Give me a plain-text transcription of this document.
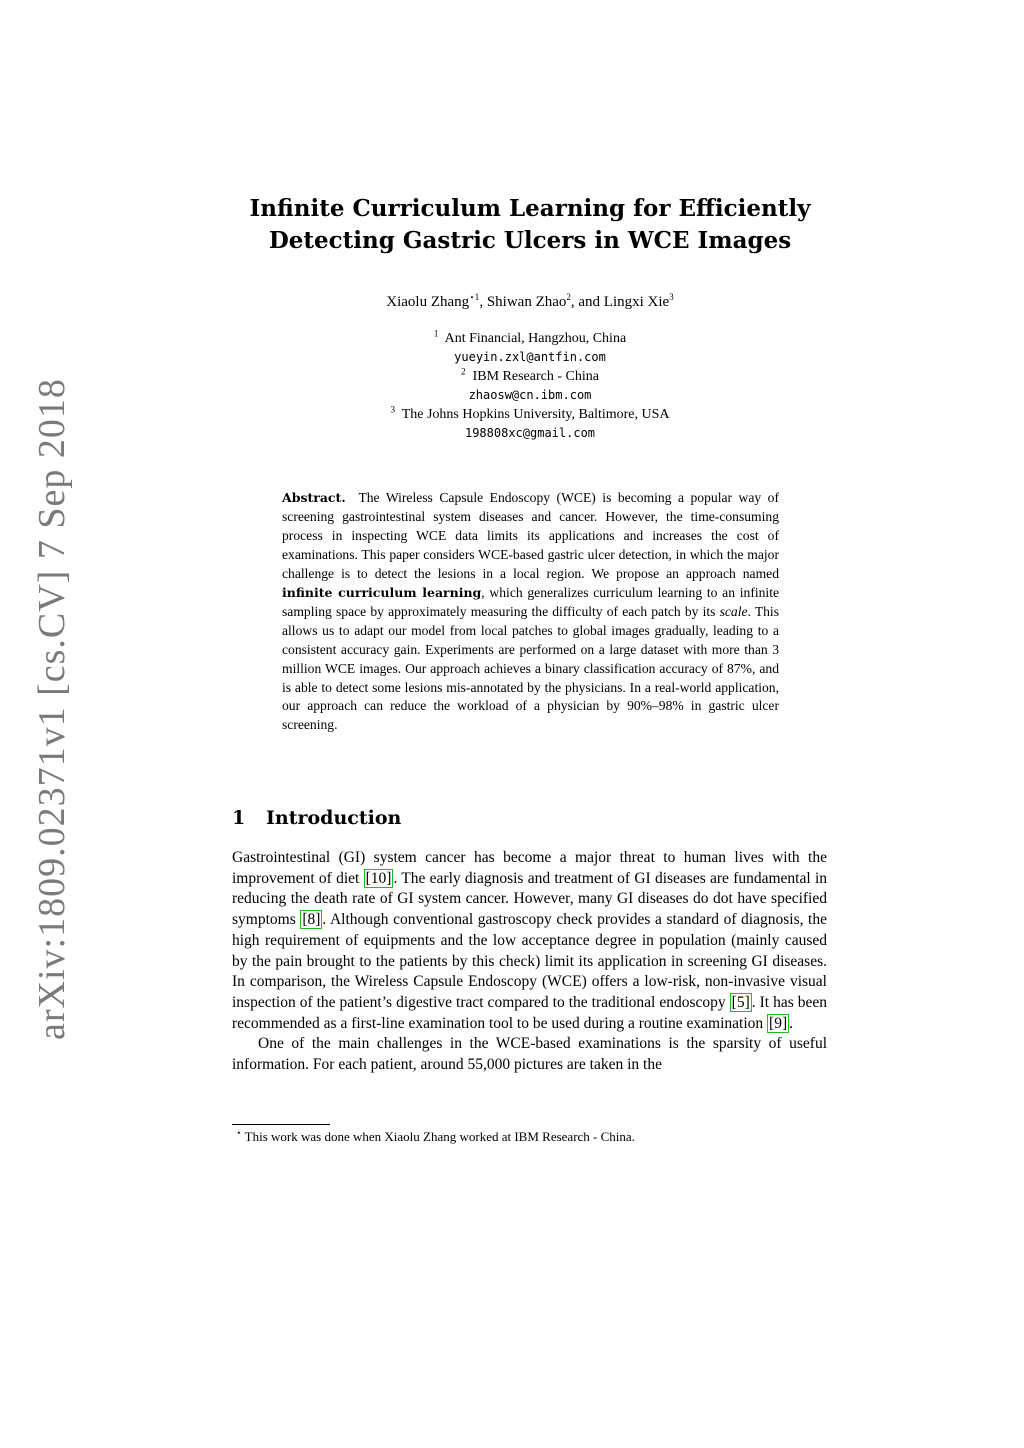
arXiv:1809.02371v1 [cs.CV] 7 Sep 2018
Infinite Curriculum Learning for Efficiently
Detecting Gastric Ulcers in WCE Images
Xiaolu Zhang$^{⋆1}$, Shiwan Zhao$^2$, and Lingxi Xie$^3$
$^1$ Ant Financial, Hangzhou, China
yueyin.zxl@antfin.com
$^2$ IBM Research - China
zhaosw@cn.ibm.com
$^3$ The Johns Hopkins University, Baltimore, USA
198808xc@gmail.com
Abstract. The Wireless Capsule Endoscopy (WCE) is becoming a popular way of screening gastrointestinal system diseases and cancer. However, the time-consuming process in inspecting WCE data limits its applications and increases the cost of examinations. This paper considers WCE-based gastric ulcer detection, in which the major challenge is to detect the lesions in a local region. We propose an approach named infinite curriculum learning, which generalizes curriculum learning to an infinite sampling space by approximately measuring the difficulty of each patch by its scale. This allows us to adapt our model from local patches to global images gradually, leading to a consistent accuracy gain. Experiments are performed on a large dataset with more than 3 million WCE images. Our approach achieves a binary classification accuracy of 87%, and is able to detect some lesions mis-annotated by the physicians. In a real-world application, our approach can reduce the workload of a physician by 90%–98% in gastric ulcer screening.
1 Introduction

Gastrointestinal (GI) system cancer has become a major threat to human lives with the improvement of diet [10] . The early diagnosis and treatment of GI diseases are fundamental in reducing the death rate of GI system cancer. However, many GI diseases do dot have specified symptoms [8] . Although conventional gastroscopy check provides a standard of diagnosis, the high requirement of equipments and the low acceptance degree in population (mainly caused by the pain brought to the patients by this check) limit its application in screening GI diseases. In comparison, the Wireless Capsule Endoscopy (WCE) offers a low-risk, non-invasive visual inspection of the patient’s digestive tract compared to the traditional endoscopy [5] . It has been recommended as a first-line examination tool to be used during a routine examination [9] .

One of the main challenges in the WCE-based examinations is the sparsity of useful information. For each patient, around 55,000 pictures are taken in the

⋆ This work was done when Xiaolu Zhang worked at IBM Research - China.
